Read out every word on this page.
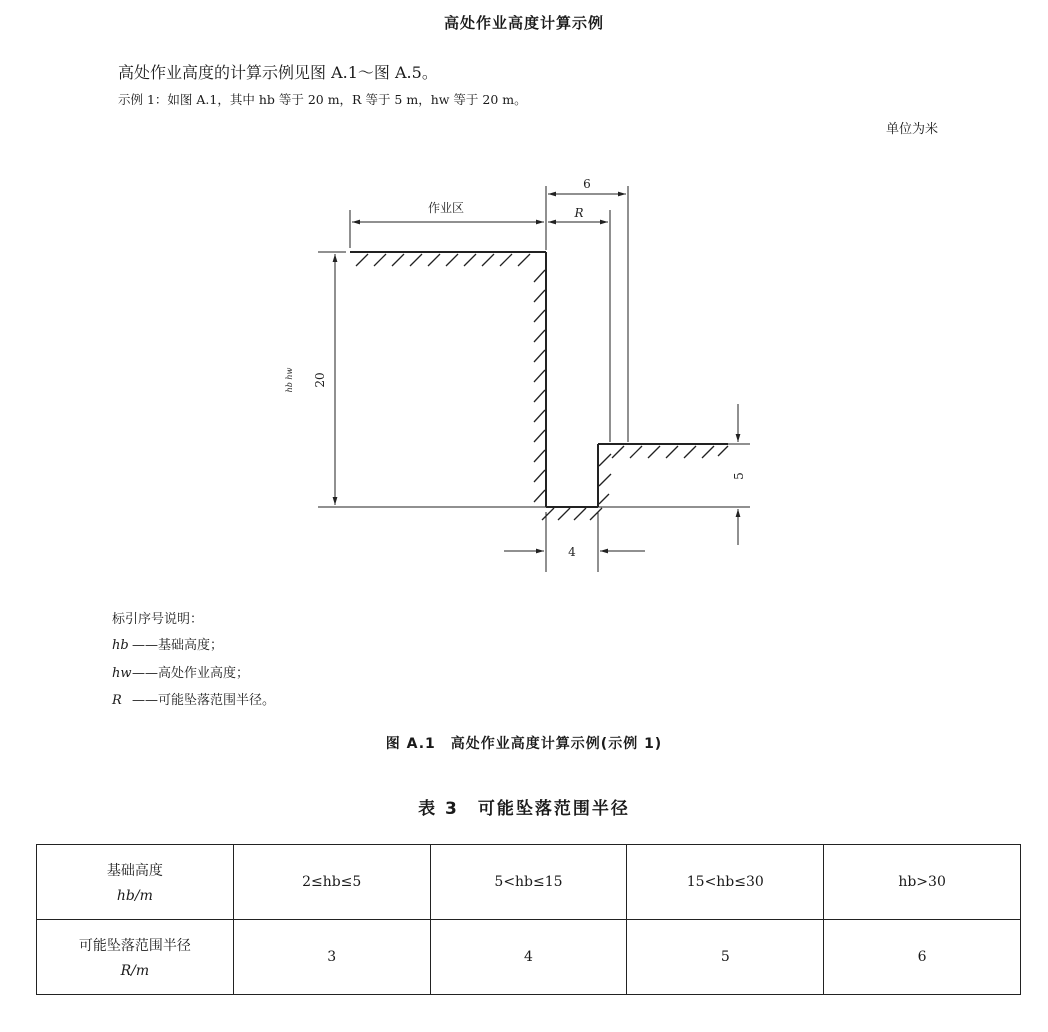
高处作业高度计算示例
高处作业高度的计算示例见图 A.1～图 A.5。
示例 1：如图 A.1，其中 hb 等于 20 m，R 等于 5 m，hw 等于 20 m。
单位为米
作业区
6
R
20
hb hw
5
4
标引序号说明：
hb ——基础高度；
hw——高处作业高度；
R ——可能坠落范围半径。
图 A.1　高处作业高度计算示例(示例 1)
表 3　可能坠落范围半径
基础高度
hb/m	2≤hb≤5	5<hb≤15	15<hb≤30	hb>30
可能坠落范围半径
R/m	3	4	5	6
